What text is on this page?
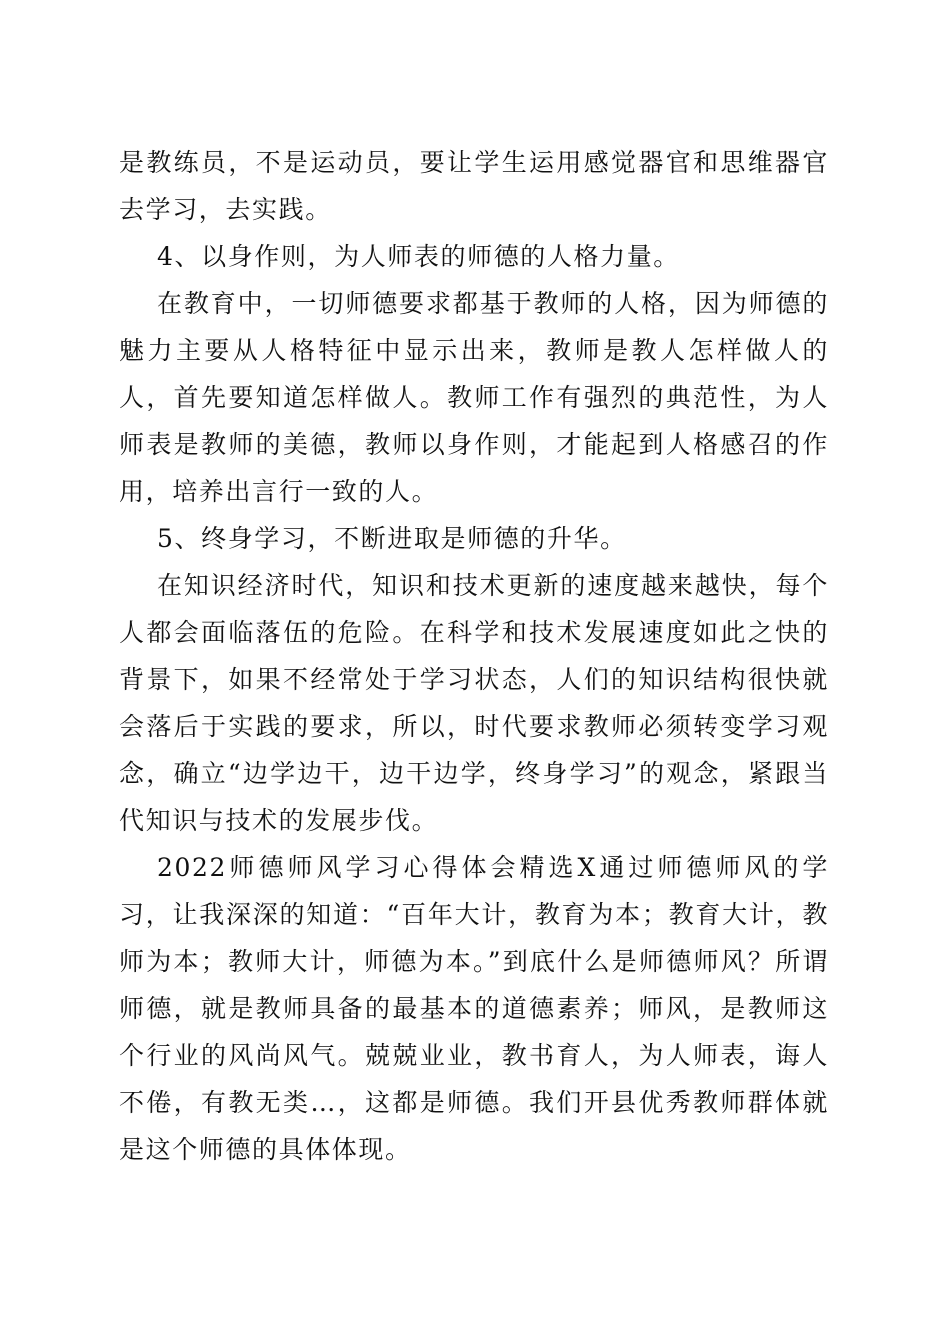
是教练员，不是运动员，要让学生运用感觉器官和思维器官去学习，去实践。

4、以身作则，为人师表的师德的人格力量。

在教育中，一切师德要求都基于教师的人格，因为师德的魅力主要从人格特征中显示出来，教师是教人怎样做人的人，首先要知道怎样做人。教师工作有强烈的典范性，为人师表是教师的美德，教师以身作则，才能起到人格感召的作用，培养出言行一致的人。

5、终身学习，不断进取是师德的升华。

在知识经济时代，知识和技术更新的速度越来越快，每个人都会面临落伍的危险。在科学和技术发展速度如此之快的背景下，如果不经常处于学习状态，人们的知识结构很快就会落后于实践的要求，所以，时代要求教师必须转变学习观念，确立“边学边干，边干边学，终身学习”的观念，紧跟当代知识与技术的发展步伐。

2022师德师风学习心得体会精选X通过师德师风的学习，让我深深的知道：“百年大计，教育为本；教育大计，教师为本；教师大计，师德为本。”到底什么是师德师风？所谓师德，就是教师具备的最基本的道德素养；师风，是教师这个行业的风尚风气。兢兢业业，教书育人，为人师表，诲人不倦，有教无类…，这都是师德。我们开县优秀教师群体就是这个师德的具体体现。
